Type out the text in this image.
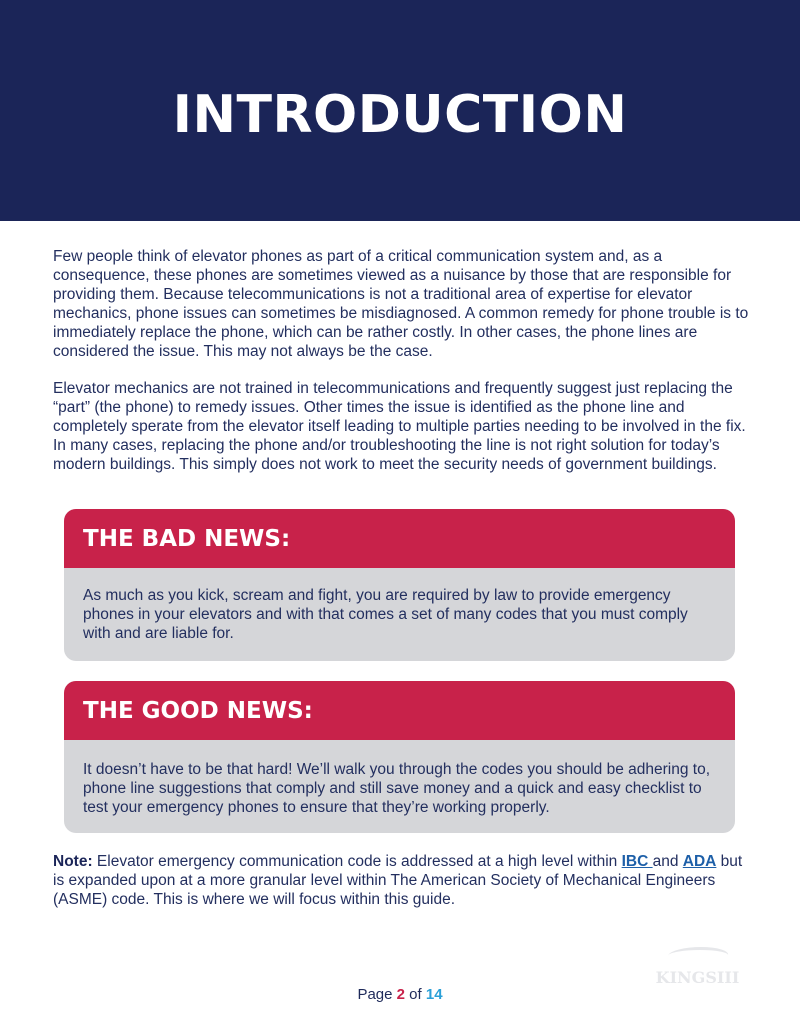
INTRODUCTION

Few people think of elevator phones as part of a critical communication system and, as a consequence, these phones are sometimes viewed as a nuisance by those that are responsible for providing them. Because telecommunications is not a traditional area of expertise for elevator mechanics, phone issues can sometimes be misdiagnosed. A common remedy for phone trouble is to immediately replace the phone, which can be rather costly. In other cases, the phone lines are considered the issue. This may not always be the case.

Elevator mechanics are not trained in telecommunications and frequently suggest just replacing the “part” (the phone) to remedy issues. Other times the issue is identified as the phone line and completely sperate from the elevator itself leading to multiple parties needing to be involved in the fix. In many cases, replacing the phone and/or troubleshooting the line is not right solution for today’s modern buildings. This simply does not work to meet the security needs of government buildings.

THE BAD NEWS:

As much as you kick, scream and fight, you are required by law to provide emergency phones in your elevators and with that comes a set of many codes that you must comply with and are liable for.

THE GOOD NEWS:

It doesn’t have to be that hard! We’ll walk you through the codes you should be adhering to, phone line suggestions that comply and still save money and a quick and easy checklist to test your emergency phones to ensure that they’re working properly.

Note: Elevator emergency communication code is addressed at a high level within IBC and ADA but is expanded upon at a more granular level within The American Society of Mechanical Engineers (ASME) code. This is where we will focus within this guide.

KINGSIII
Page 2 of 14
